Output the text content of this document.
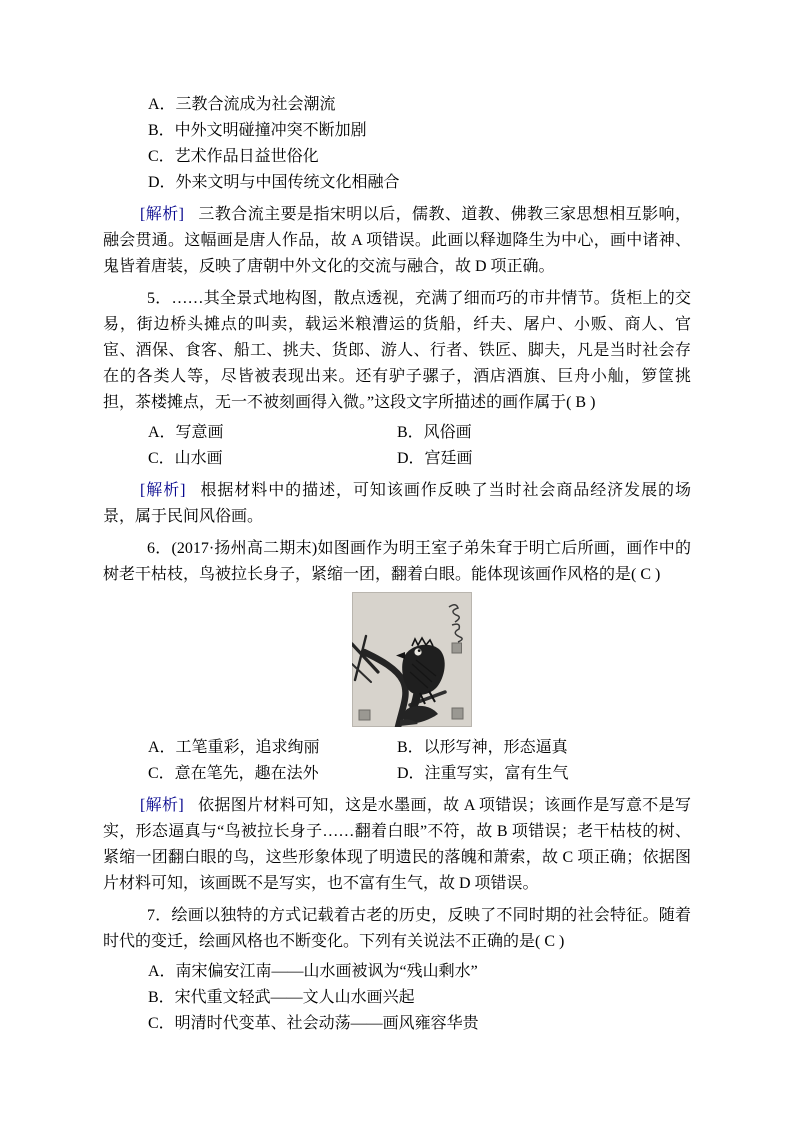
A．三教合流成为社会潮流
B．中外文明碰撞冲突不断加剧
C．艺术作品日益世俗化
D．外来文明与中国传统文化相融合

[解析] 三教合流主要是指宋明以后，儒教、道教、佛教三家思想相互影响，融会贯通。这幅画是唐人作品，故 A 项错误。此画以释迦降生为中心，画中诸神、鬼皆着唐装，反映了唐朝中外文化的交流与融合，故 D 项正确。

5．……其全景式地构图，散点透视，充满了细而巧的市井情节。货柜上的交易，街边桥头摊点的叫卖，载运米粮漕运的货船，纤夫、屠户、小贩、商人、官宦、酒保、食客、船工、挑夫、货郎、游人、行者、铁匠、脚夫，凡是当时社会存在的各类人等，尽皆被表现出来。还有驴子骡子，酒店酒旗、巨舟小舢，箩筐挑担，茶楼摊点，无一不被刻画得入微。”这段文字所描述的画作属于( B )

A．写意画	B．风俗画
C．山水画	D．宫廷画

[解析] 根据材料中的描述，可知该画作反映了当时社会商品经济发展的场景，属于民间风俗画。

6．(2017·扬州高二期末)如图画作为明王室子弟朱耷于明亡后所画，画作中的树老干枯枝，鸟被拉长身子，紧缩一团，翻着白眼。能体现该画作风格的是( C )

A．工笔重彩，追求绚丽	B．以形写神，形态逼真
C．意在笔先，趣在法外	D．注重写实，富有生气

[解析] 依据图片材料可知，这是水墨画，故 A 项错误；该画作是写意不是写实，形态逼真与“鸟被拉长身子……翻着白眼”不符，故 B 项错误；老干枯枝的树、紧缩一团翻白眼的鸟，这些形象体现了明遗民的落魄和萧索，故 C 项正确；依据图片材料可知，该画既不是写实，也不富有生气，故 D 项错误。

7．绘画以独特的方式记载着古老的历史，反映了不同时期的社会特征。随着时代的变迁，绘画风格也不断变化。下列有关说法不正确的是( C )

A．南宋偏安江南——山水画被讽为“残山剩水”
B．宋代重文轻武——文人山水画兴起
C．明清时代变革、社会动荡——画风雍容华贵
